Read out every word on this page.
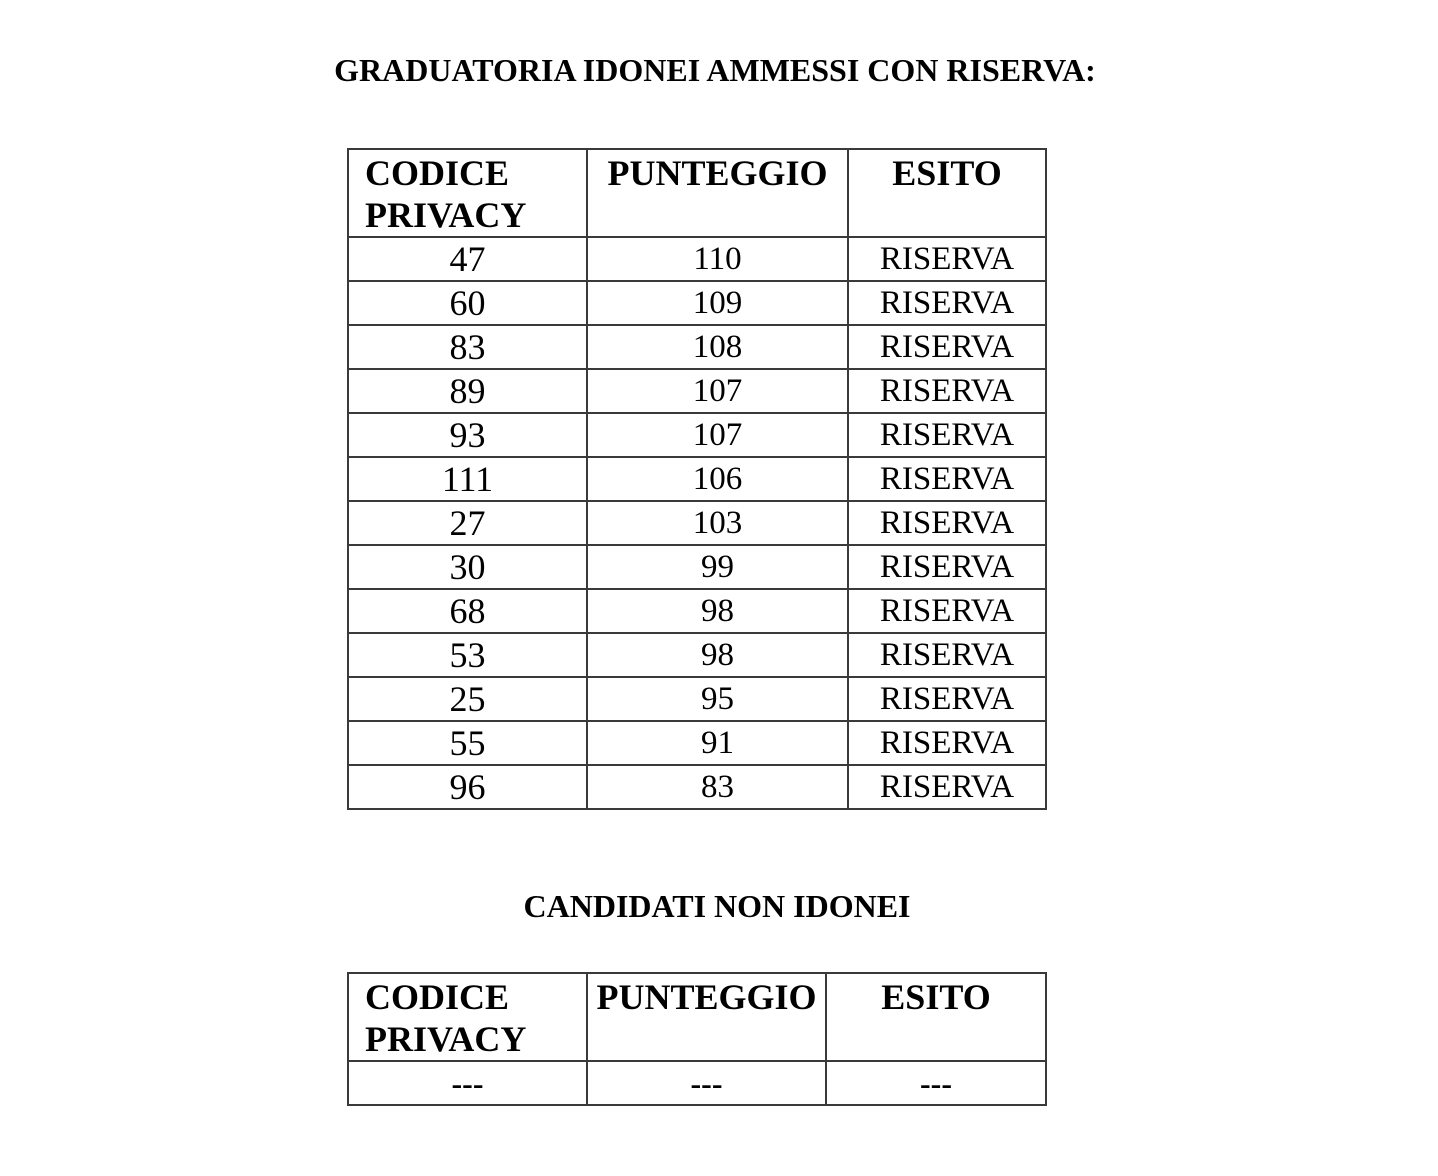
GRADUATORIA IDONEI AMMESSI CON RISERVA:
CODICE PRIVACY	PUNTEGGIO	ESITO
47	110	RISERVA
60	109	RISERVA
83	108	RISERVA
89	107	RISERVA
93	107	RISERVA
111	106	RISERVA
27	103	RISERVA
30	99	RISERVA
68	98	RISERVA
53	98	RISERVA
25	95	RISERVA
55	91	RISERVA
96	83	RISERVA
CANDIDATI NON IDONEI
CODICE PRIVACY	PUNTEGGIO	ESITO
---	---	---
